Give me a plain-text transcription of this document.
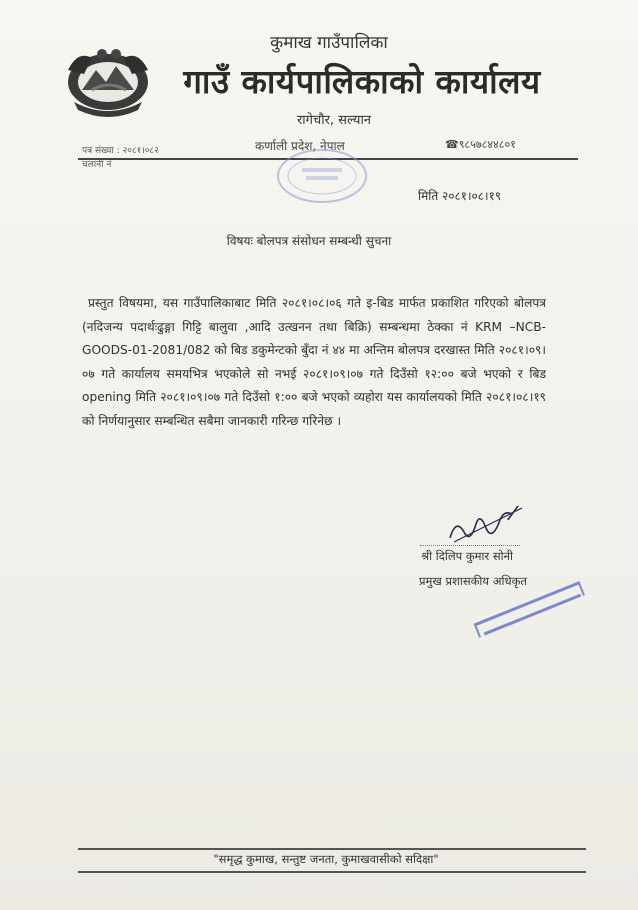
कुमाख गाउँपालिका
गाउँ कार्यपालिकाको कार्यालय
रागेचौर, सल्यान
कर्णाली प्रदेश, नेपाल	☎९८५७८४४८०१
पत्र संख्या : २०८१।०८२
चलानी नं
मिति २०८१।०८।१९
विषयः बोलपत्र संसोधन सम्बन्धी सुचना
प्रस्तुत विषयमा, यस गाउँपालिकाबाट मिति २०८१।०८।०६ गते इ-बिड मार्फत प्रकाशित गरिएको बोलपत्र (नदिजन्य पदार्थःढुङ्गा गिट्टि बालुवा ,आदि उत्खनन तथा बिक्रि) सम्बन्धमा ठेक्का नं KRM –NCB-GOODS-01-2081/082 को बिड डकुमेन्टको बुँदा नं ४४ मा अन्तिम बोलपत्र दरखास्त मिति २०८१।०९।०७ गते कार्यालय समयभित्र भएकोले सो नभई २०८१।०९।०७ गते दिउँसो १२:०० बजे भएको र बिड opening मिति २०८१।०९।०७ गते दिउँसो १:०० बजे भएको व्यहोरा यस कार्यालयको मिति २०८१।०८।१९ को निर्णयानुसार सम्बन्धित सबैमा जानकारी गरिन्छ गरिनेछ ।
श्री दिलिप कुमार सोनी
प्रमुख प्रशासकीय अधिकृत
"समृद्ध कुमाख, सन्तुष्ट जनता, कुमाखवासीको सदिक्षा"
